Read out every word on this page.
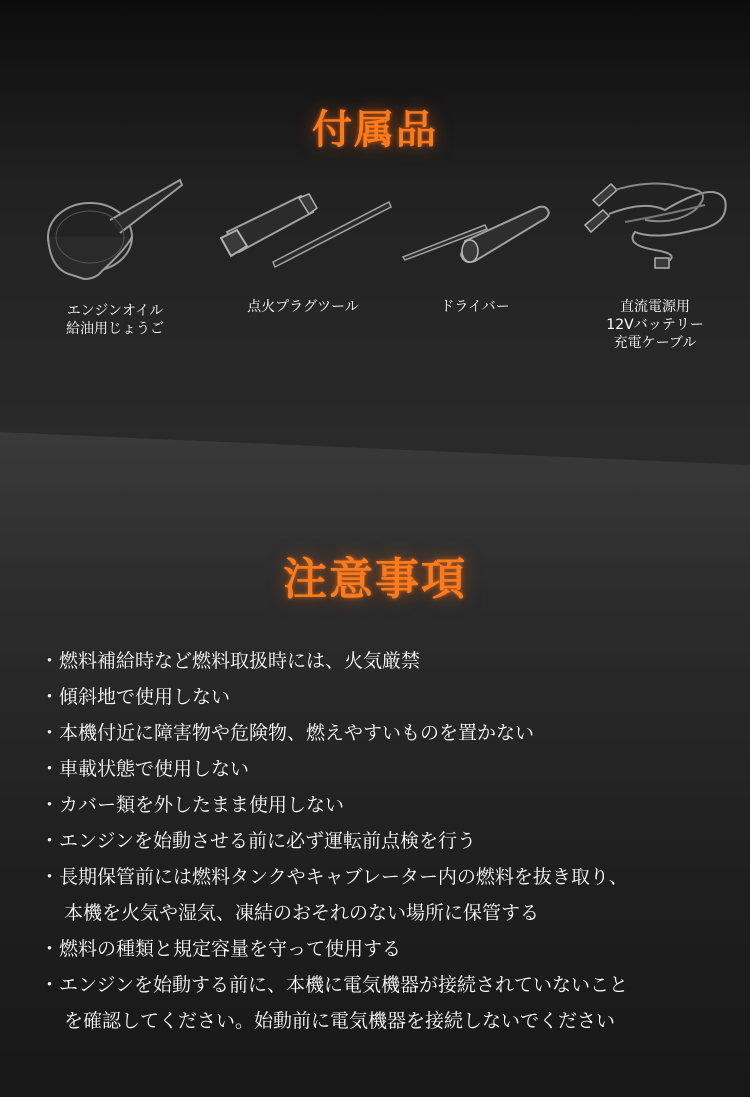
付属品
エンジンオイル
給油用じょうご
点火プラグツール	ドライバー	直流電源用
12Vバッテリー
充電ケーブル
注意事項
・燃料補給時など燃料取扱時には、火気厳禁
・傾斜地で使用しない
・本機付近に障害物や危険物、燃えやすいものを置かない
・車載状態で使用しない
・カバー類を外したまま使用しない
・エンジンを始動させる前に必ず運転前点検を行う
・長期保管前には燃料タンクやキャブレーター内の燃料を抜き取り、
本機を火気や湿気、凍結のおそれのない場所に保管する
・燃料の種類と規定容量を守って使用する
・エンジンを始動する前に、本機に電気機器が接続されていないこと
を確認してください。始動前に電気機器を接続しないでください
